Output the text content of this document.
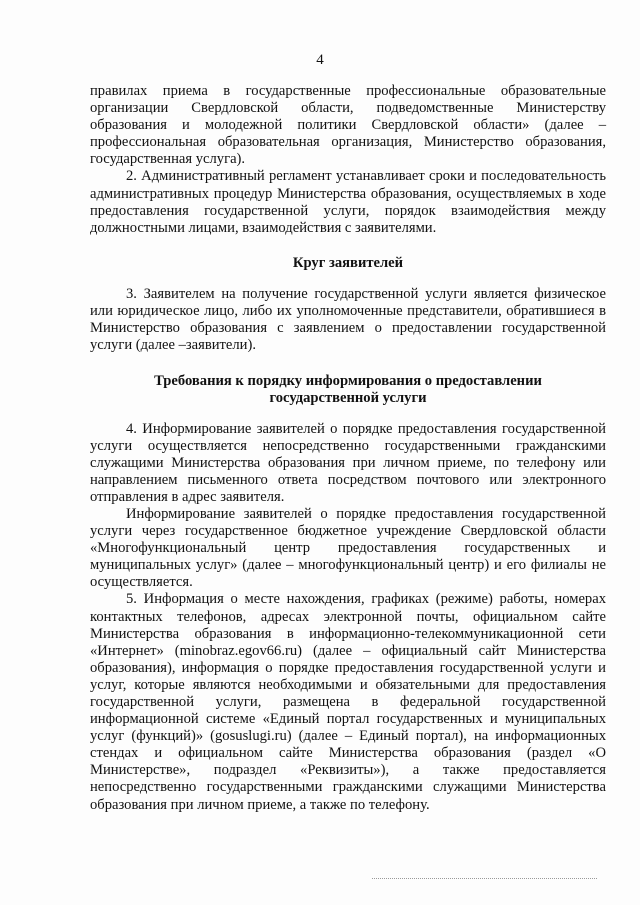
4

правилах приема в государственные профессиональные образовательные организации Свердловской области, подведомственные Министерству образования и молодежной политики Свердловской области» (далее – профессиональная образовательная организация, Министерство образования, государственная услуга).

2. Административный регламент устанавливает сроки и последовательность административных процедур Министерства образования, осуществляемых в ходе предоставления государственной услуги, порядок взаимодействия между должностными лицами, взаимодействия с заявителями.

Круг заявителей

3. Заявителем на получение государственной услуги является физическое или юридическое лицо, либо их уполномоченные представители, обратившиеся в Министерство образования с заявлением о предоставлении государственной услуги (далее –заявители).

Требования к порядку информирования о предоставлении

государственной услуги

4. Информирование заявителей о порядке предоставления государственной услуги осуществляется непосредственно государственными гражданскими служащими Министерства образования при личном приеме, по телефону или направлением письменного ответа посредством почтового или электронного отправления в адрес заявителя.

Информирование заявителей о порядке предоставления государственной услуги через государственное бюджетное учреждение Свердловской области «Многофункциональный центр предоставления государственных и муниципальных услуг» (далее – многофункциональный центр) и его филиалы не осуществляется.

5. Информация о месте нахождения, графиках (режиме) работы, номерах контактных телефонов, адресах электронной почты, официальном сайте Министерства образования в информационно-телекоммуникационной сети «Интернет» (minobraz.egov66.ru) (далее – официальный сайт Министерства образования), информация о порядке предоставления государственной услуги и услуг, которые являются необходимыми и обязательными для предоставления государственной услуги, размещена в федеральной государственной информационной системе «Единый портал государственных и муниципальных услуг (функций)» (gosuslugi.ru) (далее – Единый портал), на информационных стендах и официальном сайте Министерства образования (раздел «О Министерстве», подраздел «Реквизиты»), а также предоставляется непосредственно государственными гражданскими служащими Министерства образования при личном приеме, а также по телефону.
